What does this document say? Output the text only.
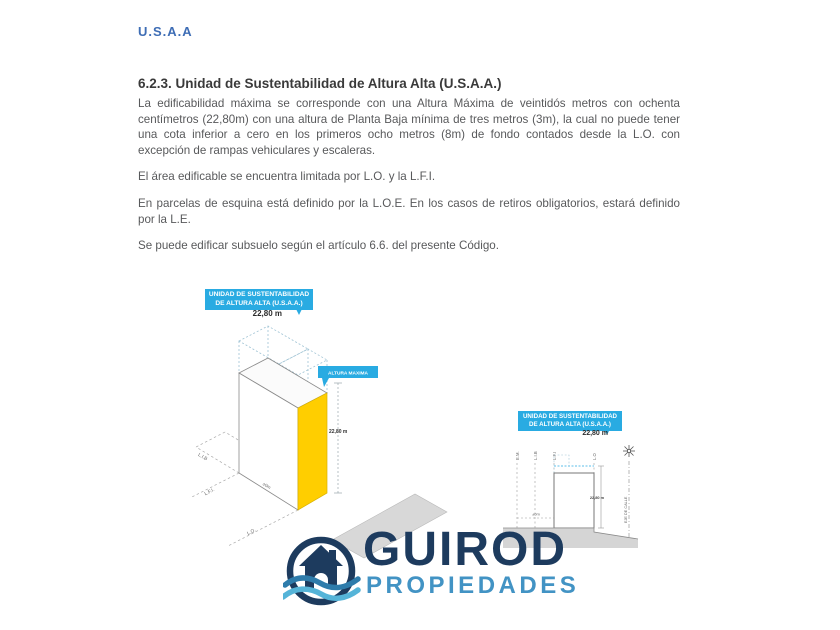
U.S.A.A
6.2.3. Unidad de Sustentabilidad de Altura Alta (U.S.A.A.)

La edificabilidad máxima se corresponde con una Altura Máxima de veintidós metros con ochenta centímetros (22,80m) con una altura de Planta Baja mínima de tres metros (3m), la cual no puede tener una cota inferior a cero en los primeros ocho metros (8m) de fondo contados desde la L.O. con excepción de rampas vehiculares y escaleras.

El área edificable se encuentra limitada por L.O. y la L.F.I.

En parcelas de esquina está definido por la L.O.E. En los casos de retiros obligatorios, estará definido por la L.E.

Se puede edificar subsuelo según el artículo 6.6. del presente Código.

UNIDAD DE SUSTENTABILIDAD
DE ALTURA ALTA (U.S.A.A.)
22,80 m
22,80 m
ALTURA MAXIMA
L.I.B
L.F.I.
L.O.
±0m
UNIDAD DE SUSTENTABILIDAD
DE ALTURA ALTA (U.S.A.A.)
22,80 m
E.M.	L.I.B	L.F.I	L.O
22,80 m
±0m	EJE DE CALLE
GUIROD
PROPIEDADES
